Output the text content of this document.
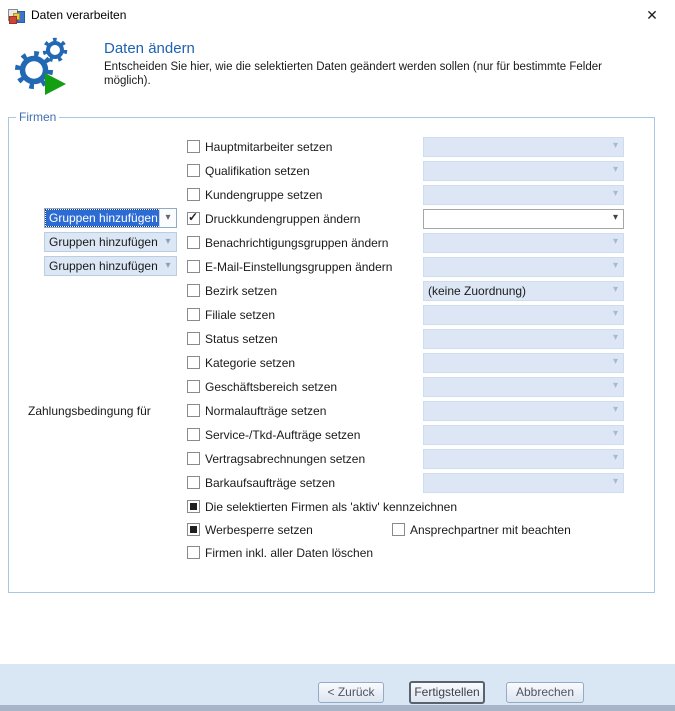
Daten verarbeiten	✕
Daten ändern
Entscheiden Sie hier, wie die selektierten Daten geändert werden sollen (nur für bestimmte Felder
möglich).
Firmen
Hauptmitarbeiter setzen	▾
Qualifikation setzen	▾
Kundengruppe setzen	▾
Gruppen hinzufügen ▾	✓ Druckkundengruppen ändern	▾
Gruppen hinzufügen ▾	Benachrichtigungsgruppen ändern	▾
Gruppen hinzufügen ▾	E-Mail-Einstellungsgruppen ändern	▾
Bezirk setzen	(keine Zuordnung)	▾
Filiale setzen	▾
Status setzen	▾
Kategorie setzen	▾
Geschäftsbereich setzen	▾
Zahlungsbedingung für	Normalaufträge setzen	▾
Service-/Tkd-Aufträge setzen	▾
Vertragsabrechnungen setzen	▾
Barkaufsaufträge setzen	▾
Die selektierten Firmen als 'aktiv' kennzeichnen
Werbesperre setzen	Ansprechpartner mit beachten
Firmen inkl. aller Daten löschen
< Zurück	Fertigstellen	Abbrechen
